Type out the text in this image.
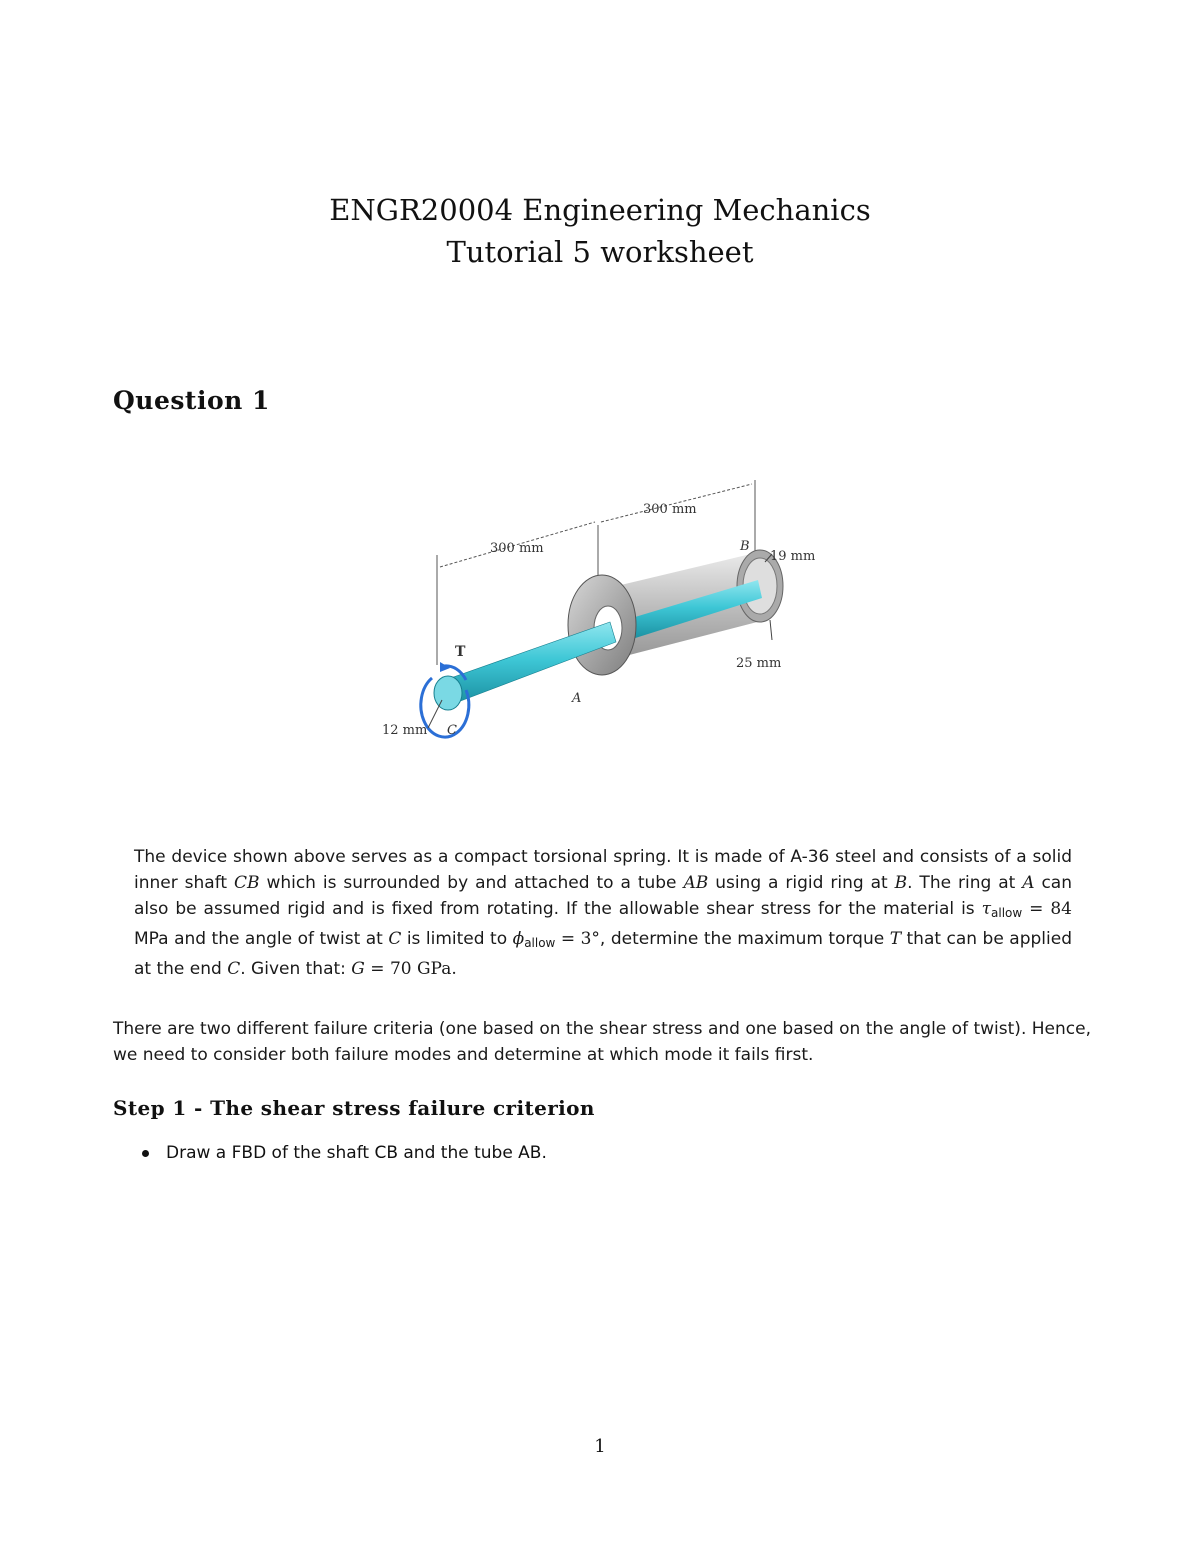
ENGR20004 Engineering Mechanics
Tutorial 5 worksheet
Question 1
300 mm
300 mm
B
19 mm
25 mm
A
T
12 mm C
The device shown above serves as a compact torsional spring. It is made of A-36 steel and consists of a solid inner shaft CB which is surrounded by and attached to a tube AB using a rigid ring at B. The ring at A can also be assumed rigid and is fixed from rotating. If the allowable shear stress for the material is $\tau_{allow} = 84$ MPa and the angle of twist at C is limited to $\phi_{allow} = 3^\circ$, determine the maximum torque T that can be applied at the end C. Given that: G = 70 GPa.
There are two different failure criteria (one based on the shear stress and one based on the angle of twist). Hence, we need to consider both failure modes and determine at which mode it fails first.
Step 1 - The shear stress failure criterion
Draw a FBD of the shaft CB and the tube AB.
1
